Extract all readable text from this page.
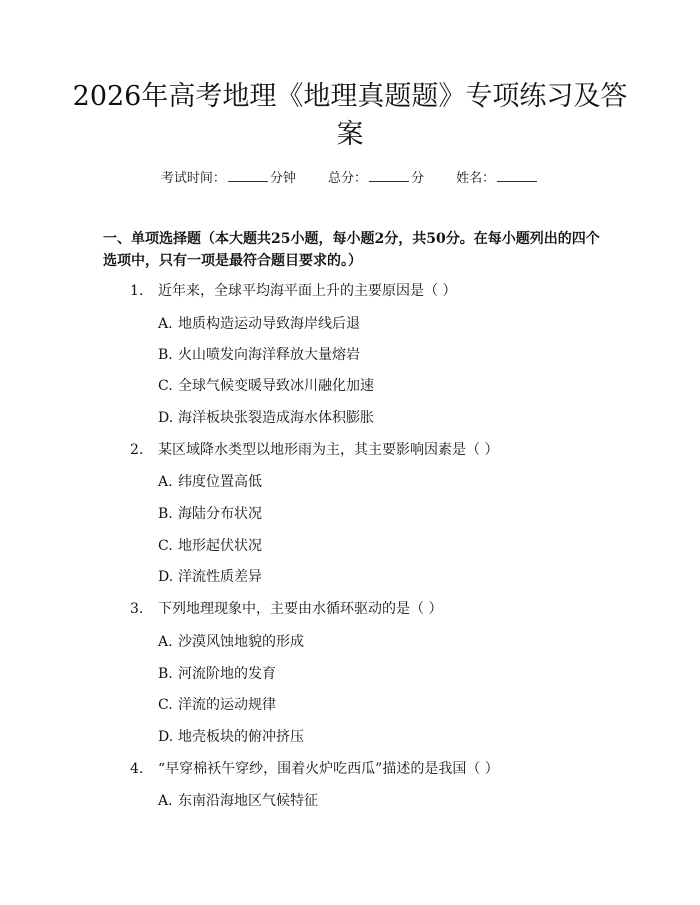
2026年高考地理《地理真题题》专项练习及答案
考试时间：	分钟 总分：	分 姓名：

一、单项选择题（本大题共25小题，每小题2分，共50分。在每小题列出的四个选项中，只有一项是最符合题目要求的。）

1. 近年来，全球平均海平面上升的主要原因是（ ）
A. 地质构造运动导致海岸线后退
B. 火山喷发向海洋释放大量熔岩
C. 全球气候变暖导致冰川融化加速
D. 海洋板块张裂造成海水体积膨胀
2. 某区域降水类型以地形雨为主，其主要影响因素是（ ）
A. 纬度位置高低
B. 海陆分布状况
C. 地形起伏状况
D. 洋流性质差异
3. 下列地理现象中，主要由水循环驱动的是（ ）
A. 沙漠风蚀地貌的形成
B. 河流阶地的发育
C. 洋流的运动规律
D. 地壳板块的俯冲挤压
4. “早穿棉袄午穿纱，围着火炉吃西瓜”描述的是我国（ ）
A. 东南沿海地区气候特征
